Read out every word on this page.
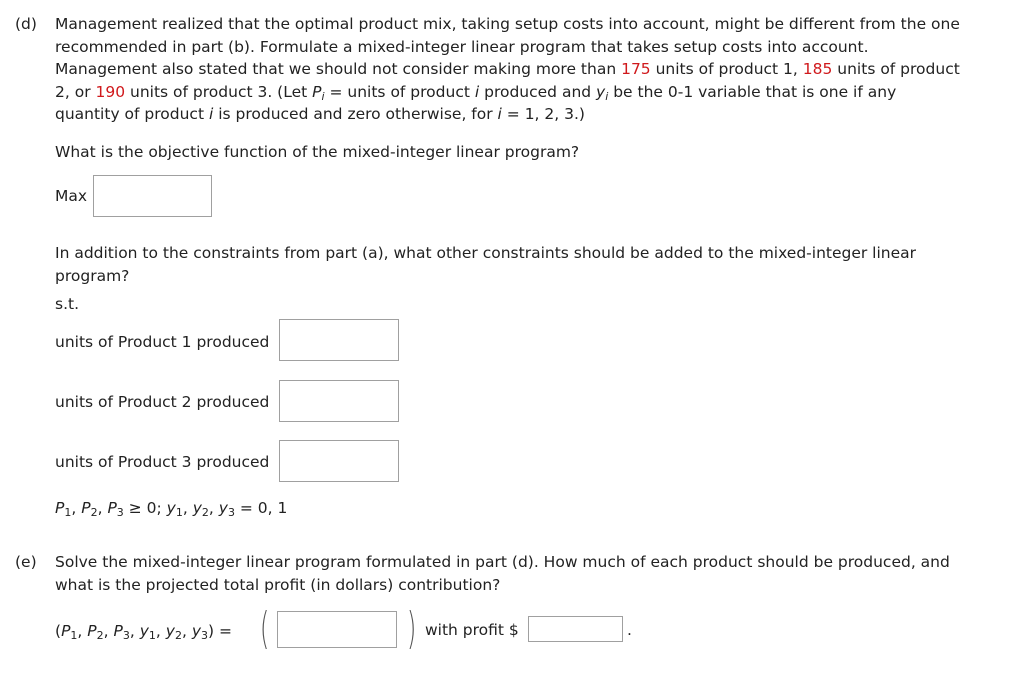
(d) Management realized that the optimal product mix, taking setup costs into account, might be different from the one
recommended in part (b). Formulate a mixed-integer linear program that takes setup costs into account.
Management also stated that we should not consider making more than 175 units of product 1, 185 units of product
2, or 190 units of product 3. (Let $P_i$ = units of product i produced and $y_i$ be the 0-1 variable that is one if any
quantity of product i is produced and zero otherwise, for i = 1, 2, 3.)
What is the objective function of the mixed-integer linear program?
Max
In addition to the constraints from part (a), what other constraints should be added to the mixed-integer linear
program?
s.t.
units of Product 1 produced
units of Product 2 produced
units of Product 3 produced
$P_1$, $P_2$, $P_3 \ge 0$; $y_1$, $y_2$, $y_3 = 0$, 1
(e) Solve the mixed-integer linear program formulated in part (d). How much of each product should be produced, and
what is the projected total profit (in dollars) contribution?
($P_1$, $P_2$, $P_3$, $y_1$, $y_2$, $y_3$) = (	) with profit $	.
